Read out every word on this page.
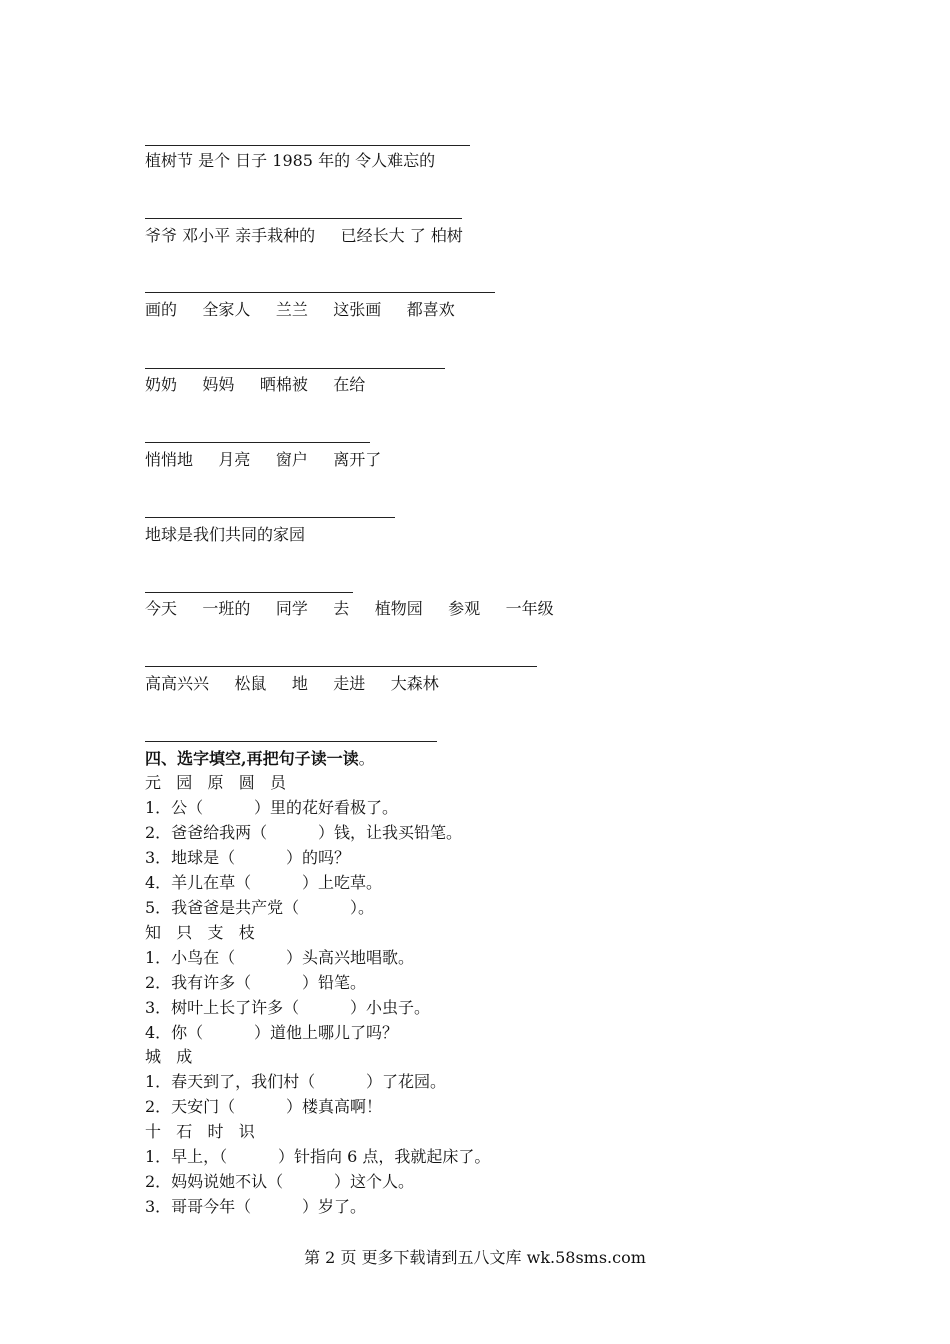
植树节 是个 日子 1985 年的 令人难忘的
爷爷 邓小平 亲手栽种的     已经长大 了 柏树
画的     全家人     兰兰     这张画     都喜欢
奶奶     妈妈     晒棉被     在给
悄悄地     月亮     窗户     离开了
地球是我们共同的家园
今天     一班的     同学     去     植物园     参观     一年级
高高兴兴     松鼠     地     走进     大森林
四、选字填空,再把句子读一读。
元   园   原   圆   员
1．公（          ）里的花好看极了。
2．爸爸给我两（          ）钱，让我买铅笔。
3．地球是（          ）的吗？
4．羊儿在草（          ）上吃草。
5．我爸爸是共产党（          ）。
知   只   支   枝
1．小鸟在（          ）头高兴地唱歌。
2．我有许多（          ）铅笔。
3．树叶上长了许多（          ）小虫子。
4．你（          ）道他上哪儿了吗？
城   成
1．春天到了，我们村（          ）了花园。
2．天安门（          ）楼真高啊！
十   石   时   识
1．早上，（          ）针指向 6 点，我就起床了。
2．妈妈说她不认（          ）这个人。
3．哥哥今年（          ）岁了。
第 2 页 更多下载请到五八文库 wk.58sms.com
